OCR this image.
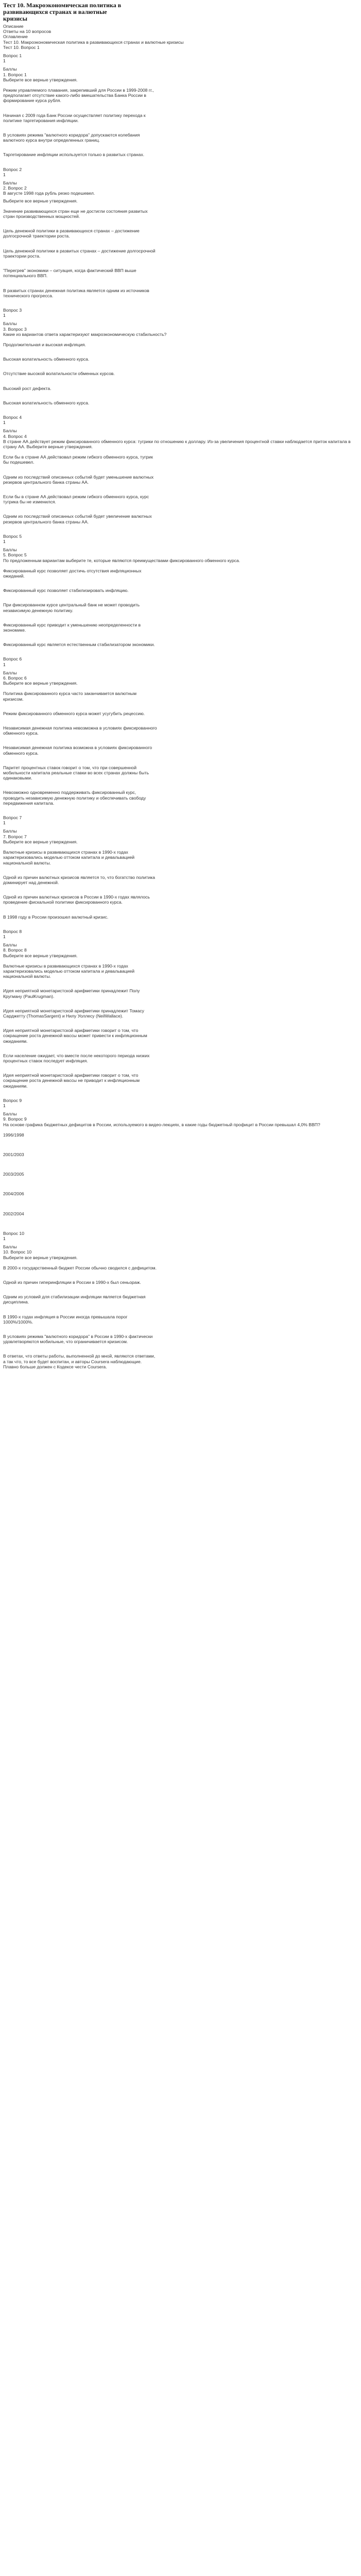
Тест 10. Макроэкономическая политика в развивающихся странах и валютные кризисы
Описание
Ответы на 10 вопросов
Оглавление
Тест 10. Макроэкономическая политика в развивающихся странах и валютные кризисы
Тест 10. Вопрос 1
Вопрос 1
1
Баллы
1. Вопрос 1
Выберите все верные утверждения.
Режим управляемого плавания, закрепивший для России в 1999-2008 гг., предполагает отсутствие какого-либо вмешательства Банка России в формирование курса рубля.
Начиная с 2009 года Банк России осуществляет политику перехода к политике таргетирования инфляции.
В условиях режима "валютного коридора" допускаются колебания валютного курса внутри определенных границ.
Таргетирование инфляции используется только в развитых странах.
Вопрос 2
1
Баллы
2. Вопрос 2
В августе 1998 года рубль резко подешевел.
Выберите все верные утверждения.
Значение развивающихся стран еще не достигли состояния развитых стран производственных мощностей.
Цель денежной политики в развивающихся странах – достижение долгосрочной траектории роста.
Цель денежной политики в развитых странах – достижение долгосрочной траектории роста.
"Перегрев" экономики – ситуация, когда фактический ВВП выше потенциального ВВП.
В развитых странах денежная политика является одним из источников технического прогресса.
Вопрос 3
1
Баллы
3. Вопрос 3
Какие из вариантов ответа характеризуют макроэкономическую стабильность?
Продолжительная и высокая инфляция.
Высокая волатильность обменного курса.
Отсутствие высокой волатильности обменных курсов.
Высокий рост дефекта.
Высокая волатильность обменного курса.
Вопрос 4
1
Баллы
4. Вопрос 4
В стране АА действует режим фиксированного обменного курса: тугрики по отношению к доллару. Из-за увеличения процентной ставки наблюдается приток капитала в страну АА. Выберите верные утверждения.
Если бы в стране АА действовал режим гибкого обменного курса, тугрик бы подешевел.
Одним из последствий описанных событий будет уменьшение валютных резервов центрального банка страны АА.
Если бы в стране АА действовал режим гибкого обменного курса, курс тугрика бы не изменился.
Одним из последствий описанных событий будет увеличение валютных резервов центрального банка страны АА.
Вопрос 5
1
Баллы
5. Вопрос 5
По предложенным вариантам выберите те, которые являются преимуществами фиксированного обменного курса.
Фиксированный курс позволяет достичь отсутствия инфляционных ожиданий.
Фиксированный курс позволяет стабилизировать инфляцию.
При фиксированном курсе центральный банк не может проводить независимую денежную политику.
Фиксированный курс приводит к уменьшению неопределенности в экономике.
Фиксированный курс является естественным стабилизатором экономики.
Вопрос 6
1
Баллы
6. Вопрос 6
Выберите все верные утверждения.
Политика фиксированного курса часто заканчивается валютным кризисом.
Режим фиксированного обменного курса может усугубить рецессию.
Независимая денежная политика невозможна в условиях фиксированного обменного курса.
Независимая денежная политика возможна в условиях фиксированного обменного курса.
Паритет процентных ставок говорит о том, что при совершенной мобильности капитала реальные ставки во всех странах должны быть одинаковыми.
Невозможно одновременно поддерживать фиксированный курс, проводить независимую денежную политику и обеспечивать свободу передвижения капитала.
Вопрос 7
1
Баллы
7. Вопрос 7
Выберите все верные утверждения.
Валютные кризисы в развивающихся странах в 1990-х годах характеризовались моделью оттоком капитала и девальвацией национальной валюты.
Одной из причин валютных кризисов является то, что богатство политика доминирует над денежной.
Одной из причин валютных кризисов в России в 1990-х годах являлось проведение фискальной политики фиксированного курса.
В 1998 году в России произошел валютный кризис.
Вопрос 8
1
Баллы
8. Вопрос 8
Выберите все верные утверждения.
Валютные кризисы в развивающихся странах в 1990-х годах характеризовались моделью оттоком капитала и девальвацией национальной валюты.
Идея неприятной монетаристской арифметики принадлежит Полу Кругману (PaulKrugman).
Идея неприятной монетаристской арифметики принадлежит Томасу Сарджетту (ThomasSargent) и Нилу Уоллесу (NeilWallace).
Идея неприятной монетаристской арифметики говорит о том, что сокращение роста денежной массы может привести к инфляционным ожиданиям.
Если население ожидает, что вместе после некоторого периода низких процентных ставок последует инфляция.
Идея неприятной монетаристской арифметики говорит о том, что сокращение роста денежной массы не приводит к инфляционным ожиданиям.
Вопрос 9
1
Баллы
9. Вопрос 9
На основе графика бюджетных дефицитов в России, используемого в видео-лекциях, в какие годы бюджетный профицит в России превышал 4,0% ВВП?
1996/1998
2001/2003
2003/2005
2004/2006
2002/2004
Вопрос 10
1
Баллы
10. Вопрос 10
Выберите все верные утверждения.
В 2000-х государственный бюджет России обычно сводился с дефицитом.
Одной из причин гиперинфляции в России в 1990-х был сеньораж.
Одним из условий для стабилизации инфляции является бюджетная дисциплина.
В 1990-х годах инфляция в России иногда превышала порог 1000%/1000%.
В условиях режима "валютного коридора" в России в 1990-х фактически удовлетворяются мобильные, что ограничивается кризисом.
В ответах, что ответы работы, выполненной до мной, являются ответами, а так что, то все будет воспитан, и авторы Coursera наблюдающие. Плавно больше должен с Кодексе чести Coursera.
